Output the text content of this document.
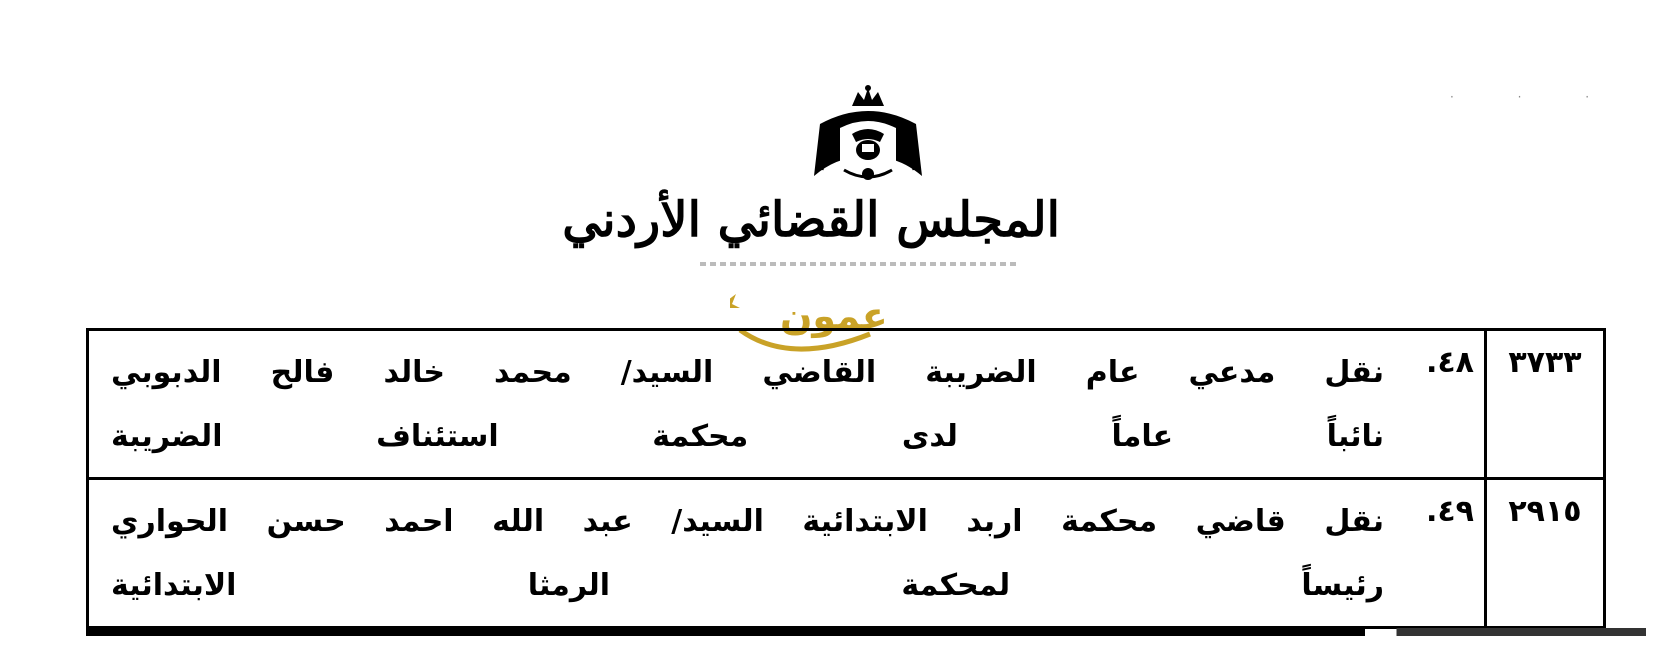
· · ·
المجلس القضائي الأردني
عمون
٣٧٣٣	٤٨.	نقل مدعي عام الضريبة القاضي السيد/ محمد خالد فالح الدبوبي
نائباً عاماً لدى محكمة استئناف الضريبة

٢٩١٥	٤٩.	نقل قاضي محكمة اربد الابتدائية السيد/ عبد الله احمد حسن الحواري
رئيساً لمحكمة الرمثا الابتدائية
